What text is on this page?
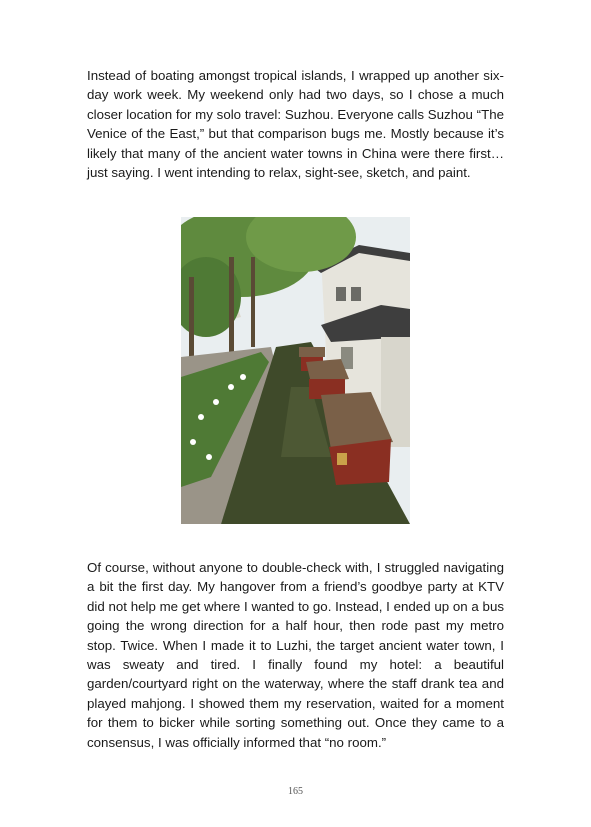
Instead of boating amongst tropical islands, I wrapped up another six-day work week. My weekend only had two days, so I chose a much closer location for my solo travel: Suzhou. Everyone calls Suzhou “The Venice of the East,” but that comparison bugs me. Mostly because it’s likely that many of the ancient water towns in China were there first… just saying. I went intending to relax, sight-see, sketch, and paint.

Of course, without anyone to double-check with, I struggled navigating a bit the first day. My hangover from a friend’s goodbye party at KTV did not help me get where I wanted to go. Instead, I ended up on a bus going the wrong direction for a half hour, then rode past my metro stop. Twice. When I made it to Luzhi, the target ancient water town, I was sweaty and tired. I finally found my hotel: a beautiful garden/courtyard right on the waterway, where the staff drank tea and played mahjong. I showed them my reservation, waited for a moment for them to bicker while sorting something out. Once they came to a consensus, I was officially informed that “no room.”

165
